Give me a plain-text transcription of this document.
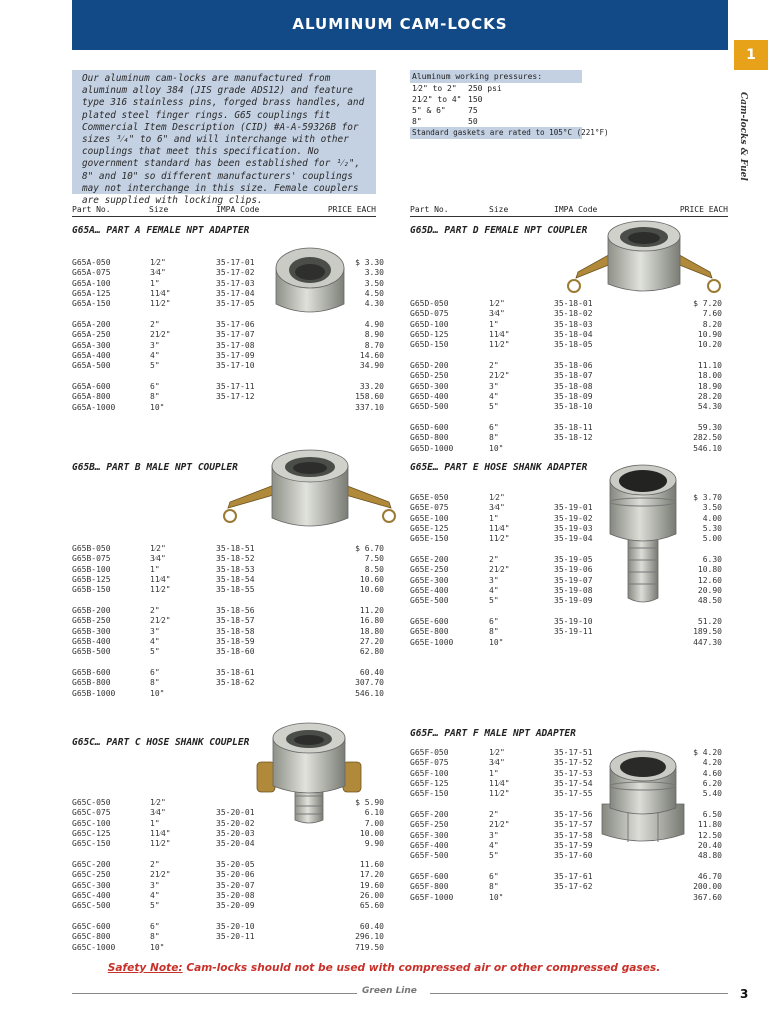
ALUMINUM CAM-LOCKS
1
Cam-locks & Fuel

Our aluminum cam-locks are manufactured from aluminum alloy 384 (JIS grade ADS12) and feature type 316 stainless pins, forged brass handles, and plated steel finger rings. G65 couplings fit Commercial Item Description (CID) #A-A-59326B for sizes ³⁄₄" to 6" and will interchange with other couplings that meet this specification. No government standard has been established for ¹⁄₂", 8" and 10" so different manufacturers' couplings may not interchange in this size. Female couplers are supplied with locking clips.

Aluminum working pressures:
1⁄2" to 2" 250 psi
21⁄2" to 4" 150
5" & 6"	75
8"	50
Standard gaskets are rated to 105°C (221°F)
Part No.	Size	IMPA Code	PRICE EACH	Part No.	Size	IMPA Code	PRICE EACH
G65A… PART A FEMALE NPT ADAPTER
G65B… PART B MALE NPT COUPLER
G65C… PART C HOSE SHANK COUPLER
G65D… PART D FEMALE NPT COUPLER
G65E… PART E HOSE SHANK ADAPTER
G65F… PART F MALE NPT ADAPTER
G65A-050	1⁄2"	35-17-01	$ 3.30
G65A-075	3⁄4"	35-17-02	3.30
G65A-100	1"	35-17-03	3.50
G65A-125	11⁄4"	35-17-04	4.50
G65A-150	11⁄2"	35-17-05	4.30
G65A-200	2"	35-17-06	4.90
G65A-250	21⁄2"	35-17-07	8.90
G65A-300	3"	35-17-08	8.70
G65A-400	4"	35-17-09	14.60
G65A-500	5"	35-17-10	34.90
G65A-600	6"	35-17-11	33.20
G65A-800	8"	35-17-12	158.60
G65A-1000	10"	337.10
G65B-050	1⁄2"	35-18-51	$ 6.70
G65B-075	3⁄4"	35-18-52	7.50
G65B-100	1"	35-18-53	8.50
G65B-125	11⁄4"	35-18-54	10.60
G65B-150	11⁄2"	35-18-55	10.60
G65B-200	2"	35-18-56	11.20
G65B-250	21⁄2"	35-18-57	16.80
G65B-300	3"	35-18-58	18.80
G65B-400	4"	35-18-59	27.20
G65B-500	5"	35-18-60	62.80
G65B-600	6"	35-18-61	60.40
G65B-800	8"	35-18-62	307.70
G65B-1000	10"	546.10
G65C-050	1⁄2"	$ 5.90
G65C-075	3⁄4"	35-20-01	6.10
G65C-100	1"	35-20-02	7.00
G65C-125	11⁄4"	35-20-03	10.00
G65C-150	11⁄2"	35-20-04	9.90
G65C-200	2"	35-20-05	11.60
G65C-250	21⁄2"	35-20-06	17.20
G65C-300	3"	35-20-07	19.60
G65C-400	4"	35-20-08	26.00
G65C-500	5"	35-20-09	65.60
G65C-600	6"	35-20-10	60.40
G65C-800	8"	35-20-11	296.10
G65C-1000	10"	719.50
G65D-050	1⁄2"	35-18-01	$ 7.20
G65D-075	3⁄4"	35-18-02	7.60
G65D-100	1"	35-18-03	8.20
G65D-125	11⁄4"	35-18-04	10.90
G65D-150	11⁄2"	35-18-05	10.20
G65D-200	2"	35-18-06	11.10
G65D-250	21⁄2"	35-18-07	18.00
G65D-300	3"	35-18-08	18.90
G65D-400	4"	35-18-09	28.20
G65D-500	5"	35-18-10	54.30
G65D-600	6"	35-18-11	59.30
G65D-800	8"	35-18-12	282.50
G65D-1000	10"	546.10
G65E-050	1⁄2"	$ 3.70
G65E-075	3⁄4"	35-19-01	3.50
G65E-100	1"	35-19-02	4.00
G65E-125	11⁄4"	35-19-03	5.30
G65E-150	11⁄2"	35-19-04	5.00
G65E-200	2"	35-19-05	6.30
G65E-250	21⁄2"	35-19-06	10.80
G65E-300	3"	35-19-07	12.60
G65E-400	4"	35-19-08	20.90
G65E-500	5"	35-19-09	48.50
G65E-600	6"	35-19-10	51.20
G65E-800	8"	35-19-11	189.50
G65E-1000	10"	447.30
G65F-050	1⁄2"	35-17-51	$ 4.20
G65F-075	3⁄4"	35-17-52	4.20
G65F-100	1"	35-17-53	4.60
G65F-125	11⁄4"	35-17-54	6.20
G65F-150	11⁄2"	35-17-55	5.40
G65F-200	2"	35-17-56	6.50
G65F-250	21⁄2"	35-17-57	11.80
G65F-300	3"	35-17-58	12.50
G65F-400	4"	35-17-59	20.40
G65F-500	5"	35-17-60	48.80
G65F-600	6"	35-17-61	46.70
G65F-800	8"	35-17-62	200.00
G65F-1000	10"	367.60
Safety Note: Cam-locks should not be used with compressed air or other compressed gases.
Green Line	3
